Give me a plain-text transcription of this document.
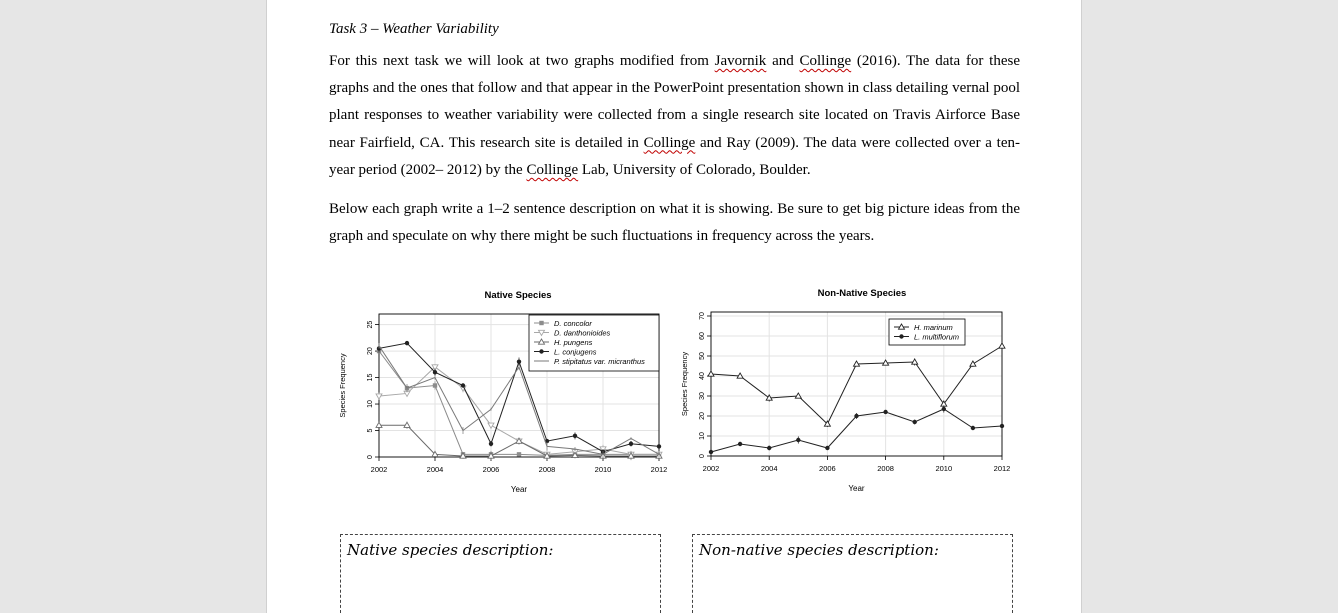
Task 3 – Weather Variability
For this next task we will look at two graphs modified from Javornik and Collinge (2016). The data for these graphs and the ones that follow and that appear in the PowerPoint presentation shown in class detailing vernal pool plant responses to weather variability were collected from a single research site located on Travis Airforce Base near Fairfield, CA. This research site is detailed in Collinge and Ray (2009). The data were collected over a ten-year period (2002– 2012) by the Collinge Lab, University of Colorado, Boulder.
Below each graph write a 1–2 sentence description on what it is showing. Be sure to get big picture ideas from the graph and speculate on why there might be such fluctuations in frequency across the years.
Native Species
Year
Species Frequency
2002	2004	2006	2008	2010	2012
0
5
10
15
20
25	D. concolor
D. danthonioides
H. pungens
L. conjugens
P. stipitatus var. micranthus
Non-Native Species
Year
Species Frequency
2002	2004	2006	2008	2010	2012
0
10
20
30
40
50
60
70
H. marinum
L. multiflorum
Native species description:	Non-native species description:
